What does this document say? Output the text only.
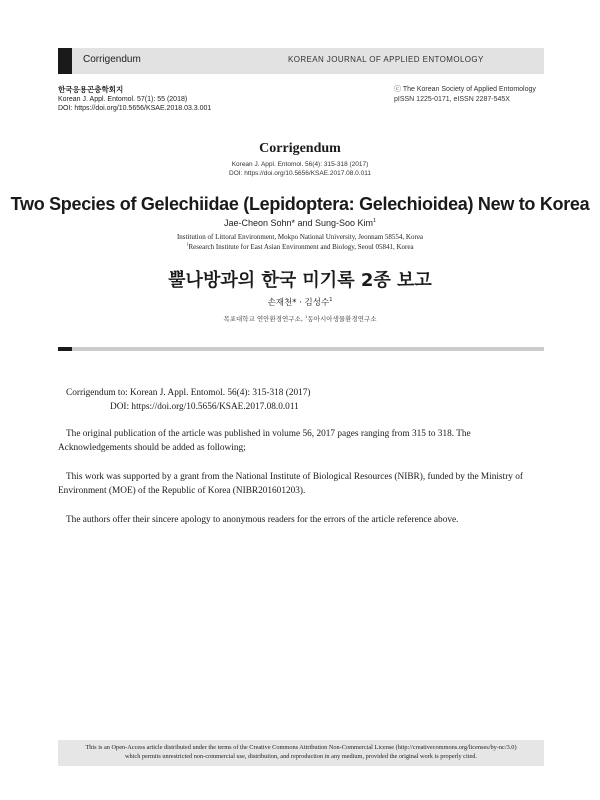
Corrigendum	KOREAN JOURNAL OF APPLIED ENTOMOLOGY
한국응용곤충학회지
Korean J. Appl. Entomol. 57(1): 55 (2018)
DOI: https://doi.org/10.5656/KSAE.2018.03.3.001
ⓒ The Korean Society of Applied Entomology
pISSN 1225-0171, eISSN 2287-545X
Corrigendum
Korean J. Appl. Entomol. 56(4): 315-318 (2017)
DOI: https://doi.org/10.5656/KSAE.2017.08.0.011
Two Species of Gelechiidae (Lepidoptera: Gelechioidea) New to Korea
Jae-Cheon Sohn* and Sung-Soo Kim$^1$
Institution of Littoral Environment, Mokpo National University, Jeonnam 58554, Korea
$^1$Research Institute for East Asian Environment and Biology, Seoul 05841, Korea
뿔나방과의 한국 미기록 2종 보고
손재천* · 김성수$^1$
목포대학교 연안환경연구소, $^1$동아시아생물환경연구소

Corrigendum to: Korean J. Appl. Entomol. 56(4): 315-318 (2017)

DOI: https://doi.org/10.5656/KSAE.2017.08.0.011

The original publication of the article was published in volume 56, 2017 pages ranging from 315 to 318. The Acknowledgements should be added as following;

This work was supported by a grant from the National Institute of Biological Resources (NIBR), funded by the Ministry of Environment (MOE) of the Republic of Korea (NIBR201601203).

The authors offer their sincere apology to anonymous readers for the errors of the article reference above.

This is an Open-Access article distributed under the terms of the Creative Commons Attribution Non-Commercial License (http://creativecommons.org/licenses/by-nc/3.0)
which permits unrestricted non-commercial use, distribution, and reproduction in any medium, provided the original work is properly cited.
